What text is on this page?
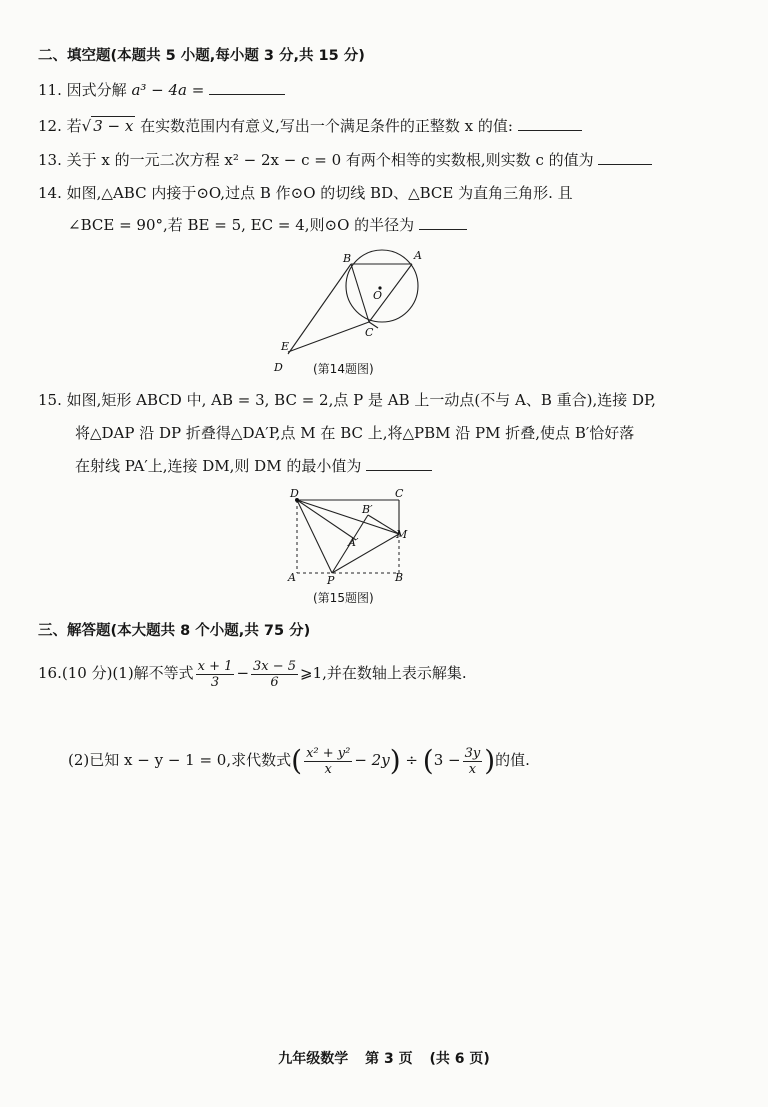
二、填空题(本题共 5 小题,每小题 3 分,共 15 分)
11. 因式分解 a³ − 4a =
12. 若√ 3 − x 在实数范围内有意义,写出一个满足条件的正整数 x 的值:
13. 关于 x 的一元二次方程 x² − 2x − c = 0 有两个相等的实数根,则实数 c 的值为
14. 如图,△ABC 内接于⊙O,过点 B 作⊙O 的切线 BD、△BCE 为直角三角形. 且
∠BCE = 90°,若 BE = 5, EC = 4,则⊙O 的半径为
B	A
O
C
E
D	(第14题图)
15. 如图,矩形 ABCD 中, AB = 3, BC = 2,点 P 是 AB 上一动点(不与 A、B 重合),连接 DP,
将△DAP 沿 DP 折叠得△DA′P,点 M 在 BC 上,将△PBM 沿 PM 折叠,使点 B′恰好落
在射线 PA′上,连接 DM,则 DM 的最小值为
D	C
B′
M
A′
A	P	B
(第15题图)
三、解答题(本大题共 8 个小题,共 75 分)
16.(10 分)(1)解不等式 $\frac{x + 1}{3} - \frac{3x - 5}{6}$ ⩾1,并在数轴上表示解集.
(2)已知 x − y − 1 = 0,求代数式( $\frac{\text{x² + y²}}{x} - 2y) \div (3 - \frac{3y}{x}$ )的值.
九年级数学 第 3 页 (共 6 页)
